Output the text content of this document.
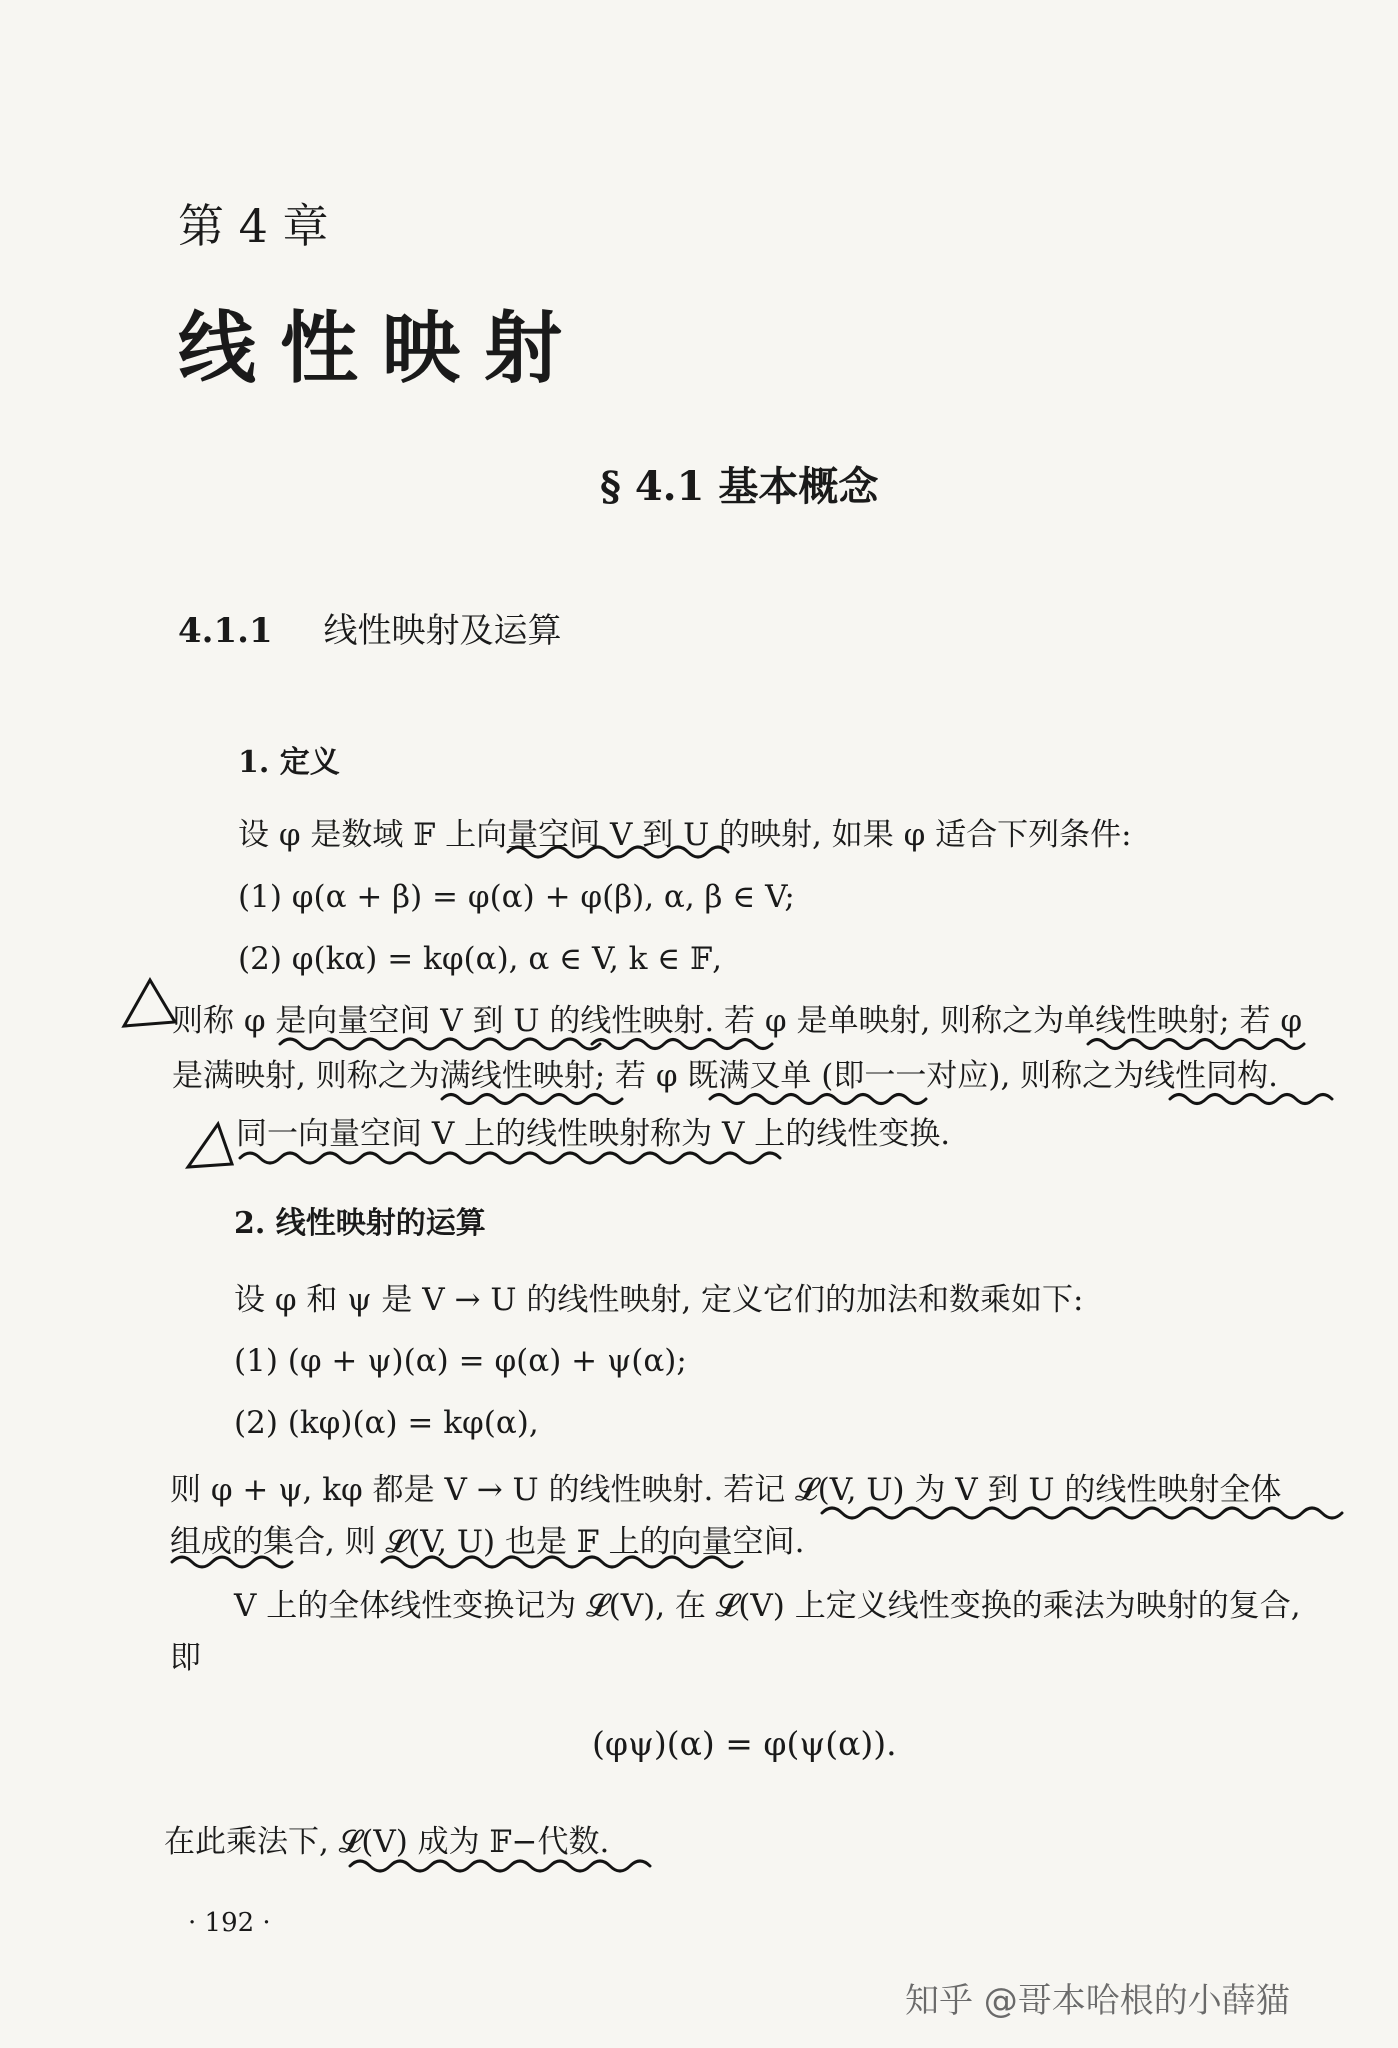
第 4 章
线性映射
§ 4.1 基本概念
4.1.1 线性映射及运算
1. 定义
设 φ 是数域 𝔽 上向量空间 V 到 U 的映射, 如果 φ 适合下列条件:
(1) φ(α + β) = φ(α) + φ(β), α, β ∈ V;
(2) φ(kα) = kφ(α), α ∈ V, k ∈ 𝔽,
则称 φ 是向量空间 V 到 U 的线性映射. 若 φ 是单映射, 则称之为单线性映射; 若 φ
是满映射, 则称之为满线性映射; 若 φ 既满又单 (即一一对应), 则称之为线性同构.
同一向量空间 V 上的线性映射称为 V 上的线性变换.
2. 线性映射的运算
设 φ 和 ψ 是 V → U 的线性映射, 定义它们的加法和数乘如下:
(1) (φ + ψ)(α) = φ(α) + ψ(α);
(2) (kφ)(α) = kφ(α),
则 φ + ψ, kφ 都是 V → U 的线性映射. 若记 𝓛(V, U) 为 V 到 U 的线性映射全体
组成的集合, 则 𝓛(V, U) 也是 𝔽 上的向量空间.
V 上的全体线性变换记为 𝓛(V), 在 𝓛(V) 上定义线性变换的乘法为映射的复合,
即
(φψ)(α) = φ(ψ(α)).
在此乘法下, 𝓛(V) 成为 𝔽−代数.
· 192 ·
知乎 @哥本哈根的小薛猫
